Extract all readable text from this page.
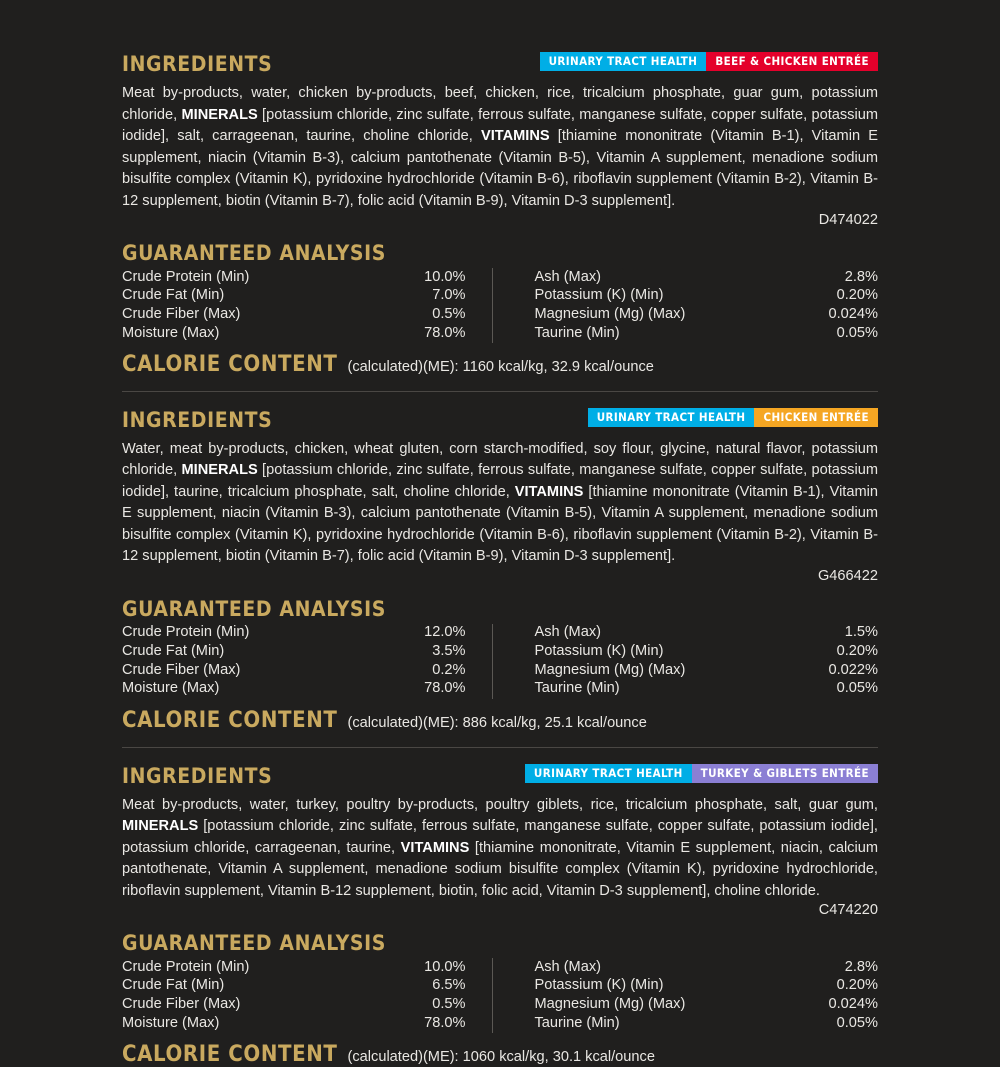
INGREDIENTS	URINARY TRACT HEALTH	BEEF & CHICKEN ENTRÉE

Meat by-products, water, chicken by-products, beef, chicken, rice, tricalcium phosphate, guar gum, potassium chloride, MINERALS [potassium chloride, zinc sulfate, ferrous sulfate, manganese sulfate, copper sulfate, potassium iodide], salt, carrageenan, taurine, choline chloride, VITAMINS [thiamine mononitrate (Vitamin B-1), Vitamin E supplement, niacin (Vitamin B-3), calcium pantothenate (Vitamin B-5), Vitamin A supplement, menadione sodium bisulfite complex (Vitamin K), pyridoxine hydrochloride (Vitamin B-6), riboflavin supplement (Vitamin B-2), Vitamin B-12 supplement, biotin (Vitamin B-7), folic acid (Vitamin B-9), Vitamin D-3 supplement].

D474022
GUARANTEED ANALYSIS
Crude Protein (Min)	10.0%
Crude Fat (Min)	7.0%
Crude Fiber (Max)	0.5%
Moisture (Max)	78.0%
Ash (Max)	2.8%
Potassium (K) (Min)	0.20%
Magnesium (Mg) (Max)	0.024%
Taurine (Min)	0.05%
CALORIE CONTENT (calculated)(ME): 1160 kcal/kg, 32.9 kcal/ounce
INGREDIENTS	URINARY TRACT HEALTH	CHICKEN ENTRÉE

Water, meat by-products, chicken, wheat gluten, corn starch-modified, soy flour, glycine, natural flavor, potassium chloride, MINERALS [potassium chloride, zinc sulfate, ferrous sulfate, manganese sulfate, copper sulfate, potassium iodide], taurine, tricalcium phosphate, salt, choline chloride, VITAMINS [thiamine mononitrate (Vitamin B-1), Vitamin E supplement, niacin (Vitamin B-3), calcium pantothenate (Vitamin B-5), Vitamin A supplement, menadione sodium bisulfite complex (Vitamin K), pyridoxine hydrochloride (Vitamin B-6), riboflavin supplement (Vitamin B-2), Vitamin B-12 supplement, biotin (Vitamin B-7), folic acid (Vitamin B-9), Vitamin D-3 supplement].

G466422
GUARANTEED ANALYSIS
Crude Protein (Min)	12.0%
Crude Fat (Min)	3.5%
Crude Fiber (Max)	0.2%
Moisture (Max)	78.0%
Ash (Max)	1.5%
Potassium (K) (Min)	0.20%
Magnesium (Mg) (Max)	0.022%
Taurine (Min)	0.05%
CALORIE CONTENT (calculated)(ME): 886 kcal/kg, 25.1 kcal/ounce
INGREDIENTS	URINARY TRACT HEALTH	TURKEY & GIBLETS ENTRÉE

Meat by-products, water, turkey, poultry by-products, poultry giblets, rice, tricalcium phosphate, salt, guar gum, MINERALS [potassium chloride, zinc sulfate, ferrous sulfate, manganese sulfate, copper sulfate, potassium iodide], potassium chloride, carrageenan, taurine, VITAMINS [thiamine mononitrate, Vitamin E supplement, niacin, calcium pantothenate, Vitamin A supplement, menadione sodium bisulfite complex (Vitamin K), pyridoxine hydrochloride, riboflavin supplement, Vitamin B-12 supplement, biotin, folic acid, Vitamin D-3 supplement], choline chloride.

C474220
GUARANTEED ANALYSIS
Crude Protein (Min)	10.0%
Crude Fat (Min)	6.5%
Crude Fiber (Max)	0.5%
Moisture (Max)	78.0%
Ash (Max)	2.8%
Potassium (K) (Min)	0.20%
Magnesium (Mg) (Max)	0.024%
Taurine (Min)	0.05%
CALORIE CONTENT (calculated)(ME): 1060 kcal/kg, 30.1 kcal/ounce
